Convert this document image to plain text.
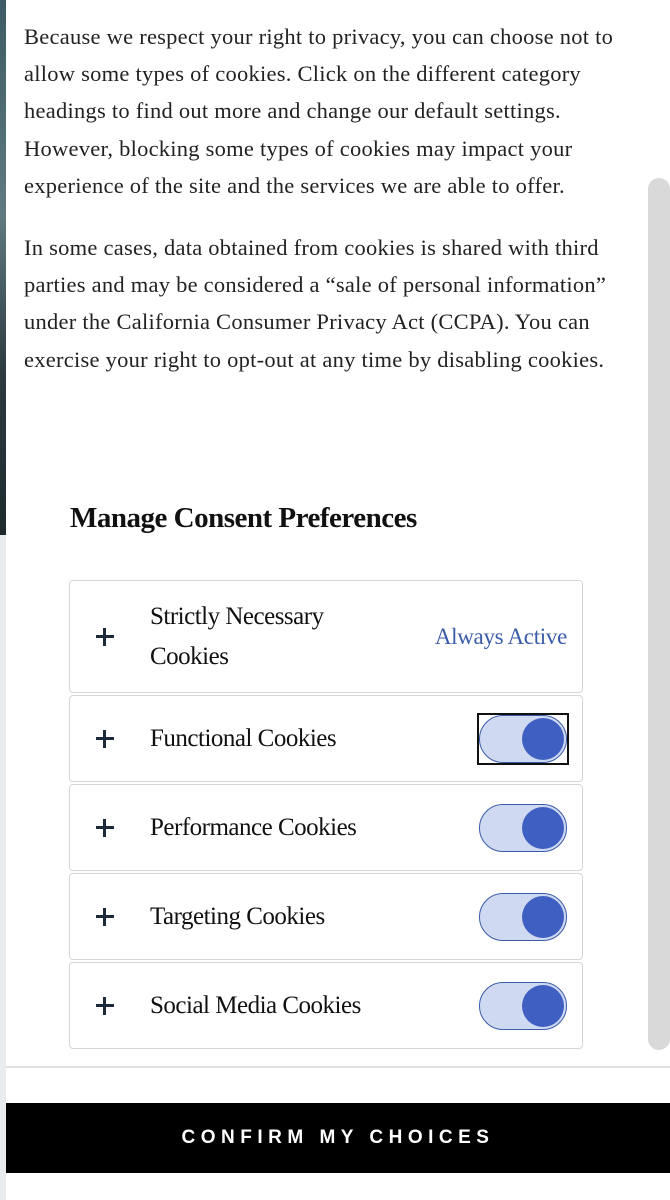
Because we respect your right to privacy, you can choose not to allow some types of cookies. Click on the different category headings to find out more and change our default settings. However, blocking some types of cookies may impact your experience of the site and the services we are able to offer.

In some cases, data obtained from cookies is shared with third parties and may be considered a “sale of personal information” under the California Consumer Privacy Act (CCPA). You can exercise your right to opt-out at any time by disabling cookies.

Manage Consent Preferences
Strictly Necessary Cookies
Always Active
Functional Cookies
Performance Cookies
Targeting Cookies
Social Media Cookies
CONFIRM MY CHOICES
